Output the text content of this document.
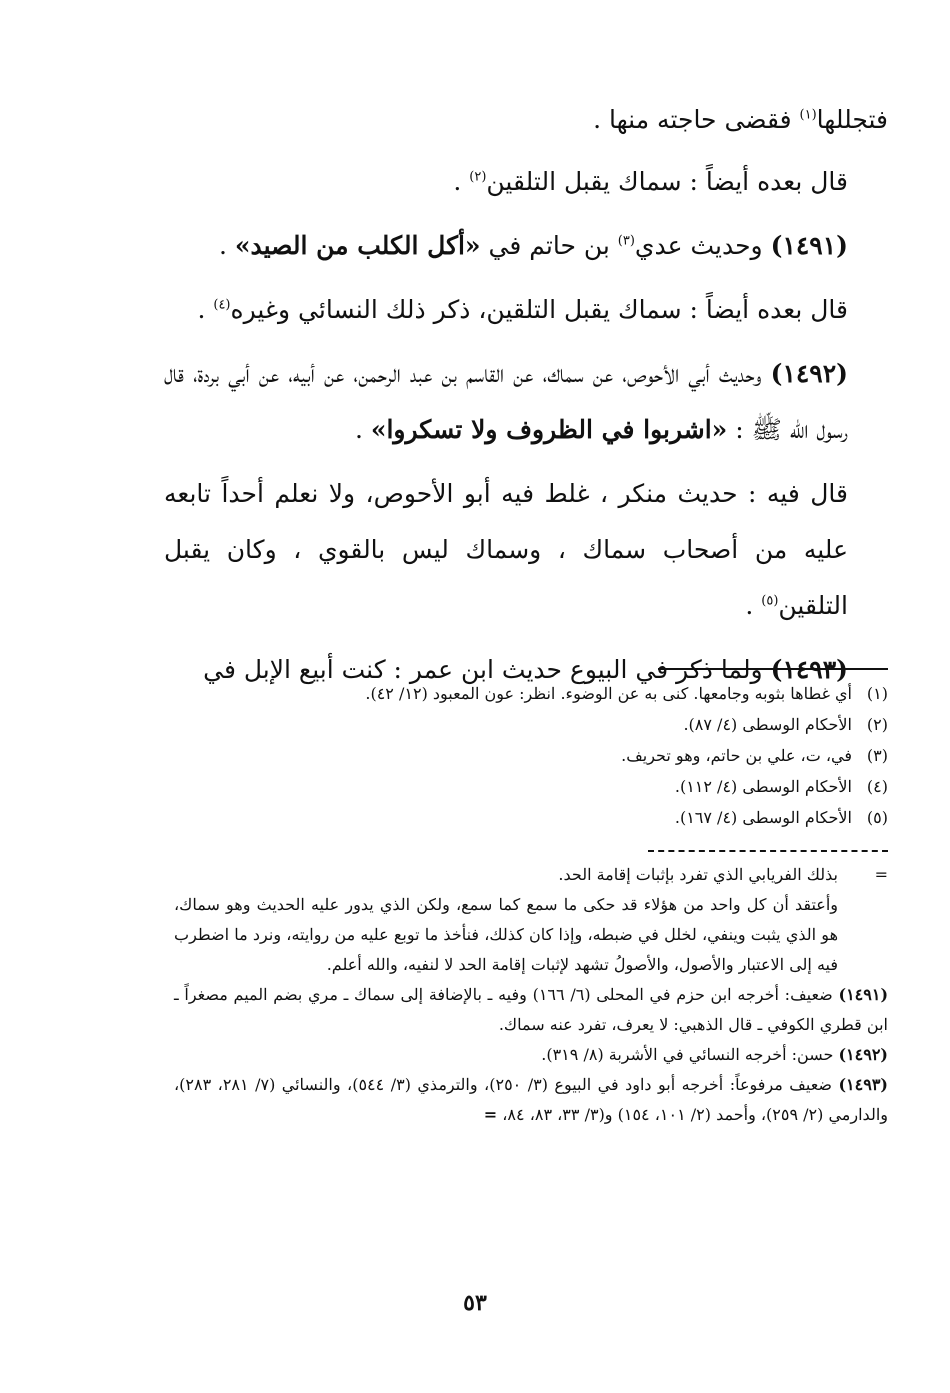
فتجللها$^{(١)}$ فقضى حاجته منها .

قال بعده أيضاً : سماك يقبل التلقين$^{(٢)}$ .

(١٤٩١) وحديث عدي$^{(٣)}$ بن حاتم في «أكل الكلب من الصيد» .

قال بعده أيضاً : سماك يقبل التلقين، ذكر ذلك النسائي وغيره$^{(٤)}$ .

(١٤٩٢) وحديث أبي الأحوص، عن سماك، عن القاسم بن عبد الرحمن، عن أبيه، عن أبي بردة، قال رسول الله ﷺ : «اشربوا في الظروف ولا تسكروا» .

قال فيه : حديث منكر ، غلط فيه أبو الأحوص، ولا نعلم أحداً تابعه عليه من أصحاب سماك ، وسماك ليس بالقوي ، وكان يقبل التلقين$^{(٥)}$ .

(١٤٩٣) ولما ذكر في البيوع حديث ابن عمر : كنت أبيع الإبل في

(١)أي غطاها بثوبه وجامعها. كنى به عن الوضوء. انظر: عون المعبود (١٢/ ٤٢).

(٢)الأحكام الوسطى (٤/ ٨٧).

(٣)في، ت، علي بن حاتم، وهو تحريف.

(٤)الأحكام الوسطى (٤/ ١١٢).

(٥)الأحكام الوسطى (٤/ ١٦٧).

=

بذلك الفريابي الذي تفرد بإثبات إقامة الحد.

وأعتقد أن كل واحد من هؤلاء قد حكى ما سمع كما سمع، ولكن الذي يدور عليه الحديث وهو سماك، هو الذي يثبت وينفي، لخلل في ضبطه، وإذا كان كذلك، فنأخذ ما توبع عليه من روايته، ونرد ما اضطرب فيه إلى الاعتبار والأصول، والأصولُ تشهد لإثبات إقامة الحد لا لنفيه، والله أعلم.

(١٤٩١) ضعيف: أخرجه ابن حزم في المحلى (٦/ ١٦٦) وفيه ـ بالإضافة إلى سماك ـ مري بضم الميم مصغراً ـ ابن قطري الكوفي ـ قال الذهبي: لا يعرف، تفرد عنه سماك.

(١٤٩٢) حسن: أخرجه النسائي في الأشربة (٨/ ٣١٩).

(١٤٩٣) ضعيف مرفوعاً: أخرجه أبو داود في البيوع (٣/ ٢٥٠)، والترمذي (٣/ ٥٤٤)، والنسائي (٧/ ٢٨١، ٢٨٣)، والدارمي (٢/ ٢٥٩)، وأحمد (٢/ ١٠١، ١٥٤) و(٣/ ٣٣، ٨٣، ٨٤، =

٥٣
